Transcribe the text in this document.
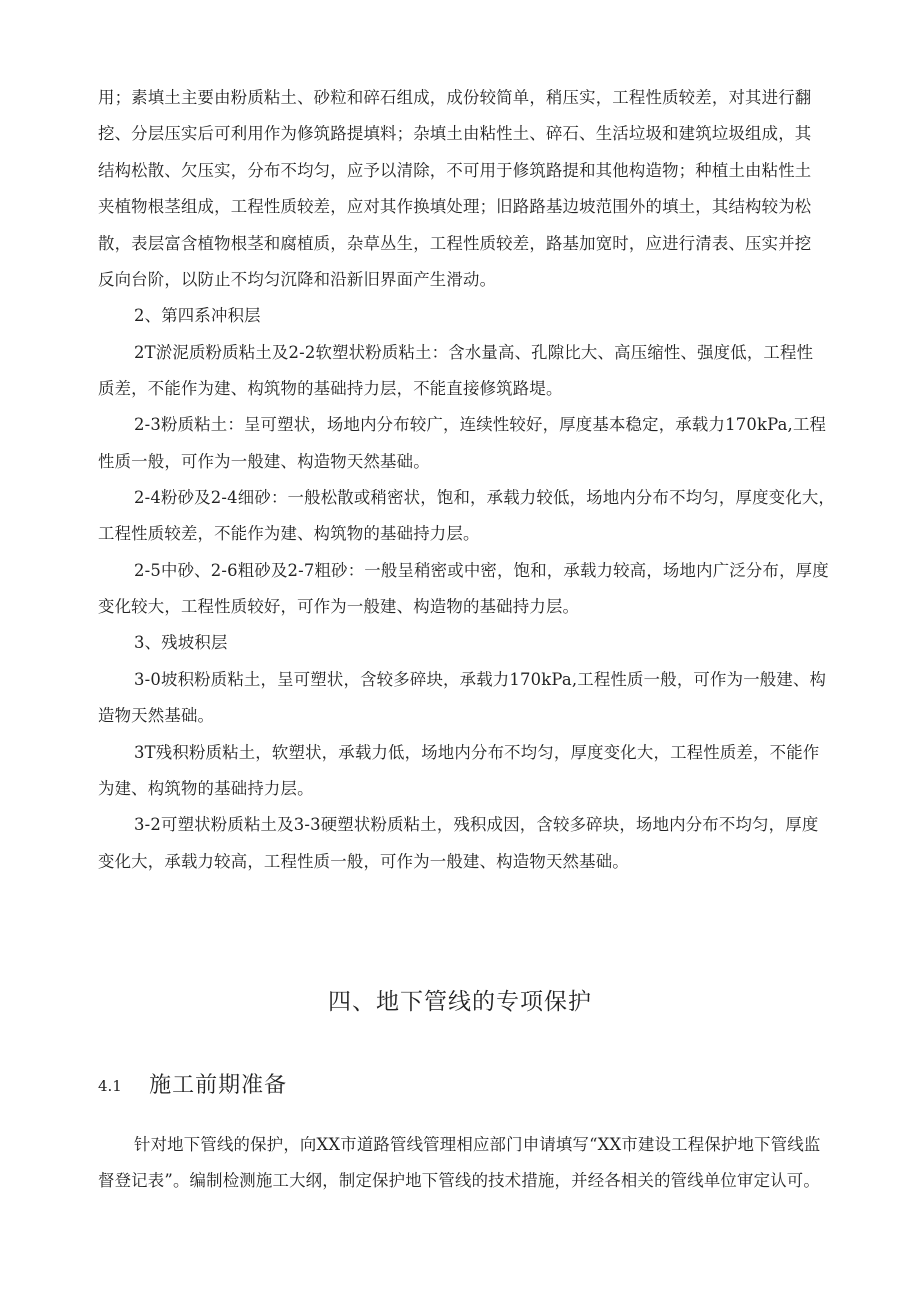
用；素填土主要由粉质粘土、砂粒和碎石组成，成份较简单，稍压实，工程性质较差，对其进行翻
挖、分层压实后可利用作为修筑路提填料；杂填土由粘性土、碎石、生活垃圾和建筑垃圾组成，其
结构松散、欠压实，分布不均匀，应予以清除，不可用于修筑路提和其他构造物；种植土由粘性土
夹植物根茎组成，工程性质较差，应对其作换填处理；旧路路基边坡范围外的填土，其结构较为松
散，表层富含植物根茎和腐植质，杂草丛生，工程性质较差，路基加宽时，应进行清表、压实并挖
反向台阶，以防止不均匀沉降和沿新旧界面产生滑动。
2、第四系冲积层
2T淤泥质粉质粘土及2-2软塑状粉质粘土：含水量高、孔隙比大、高压缩性、强度低，工程性
质差，不能作为建、构筑物的基础持力层，不能直接修筑路堤。
2-3粉质粘土：呈可塑状，场地内分布较广，连续性较好，厚度基本稳定，承载力170kPa,工程
性质一般，可作为一般建、构造物天然基础。
2-4粉砂及2-4细砂：一般松散或稍密状，饱和，承载力较低，场地内分布不均匀，厚度变化大，
工程性质较差，不能作为建、构筑物的基础持力层。
2-5中砂、2-6粗砂及2-7粗砂：一般呈稍密或中密，饱和，承载力较高，场地内广泛分布，厚度
变化较大，工程性质较好，可作为一般建、构造物的基础持力层。
3、残坡积层
3-0坡积粉质粘土，呈可塑状，含较多碎块，承载力170kPa,工程性质一般，可作为一般建、构
造物天然基础。
3T残积粉质粘土，软塑状，承载力低，场地内分布不均匀，厚度变化大，工程性质差，不能作
为建、构筑物的基础持力层。
3-2可塑状粉质粘土及3-3硬塑状粉质粘土，残积成因，含较多碎块，场地内分布不均匀，厚度
变化大，承载力较高，工程性质一般，可作为一般建、构造物天然基础。
四、地下管线的专项保护
4.1 施工前期准备
针对地下管线的保护，向XX市道路管线管理相应部门申请填写“XX市建设工程保护地下管线监
督登记表”。编制检测施工大纲，制定保护地下管线的技术措施，并经各相关的管线单位审定认可。
